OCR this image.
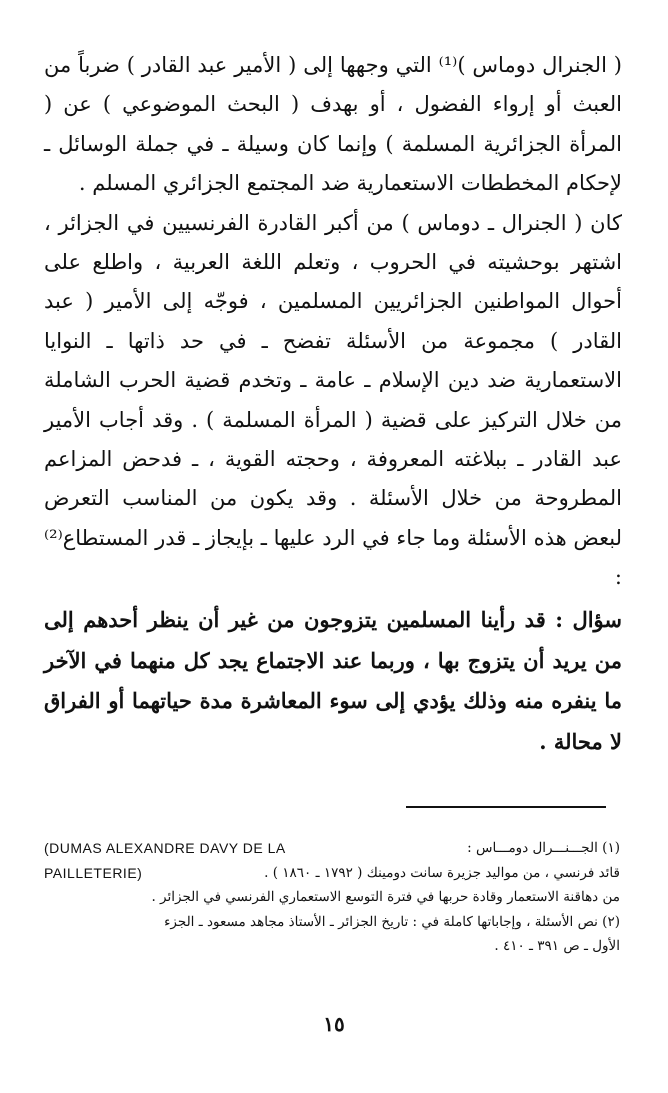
( الجنرال دوماس )⁽¹⁾ التي وجهها إلى ( الأمير عبد القادر ) ضرباً من العبث أو إرواء الفضول ، أو بهدف ( البحث الموضوعي ) عن ( المرأة الجزائرية المسلمة ) وإنما كان وسيلة ـ في جملة الوسائل ـ لإحكام المخططات الاستعمارية ضد المجتمع الجزائري المسلم .

كان ( الجنرال ـ دوماس ) من أكبر القادرة الفرنسيين في الجزائر ، اشتهر بوحشيته في الحروب ، وتعلم اللغة العربية ، واطلع على أحوال المواطنين الجزائريين المسلمين ، فوجّه إلى الأمير ( عبد القادر ) مجموعة من الأسئلة تفضح ـ في حد ذاتها ـ النوايا الاستعمارية ضد دين الإسلام ـ عامة ـ وتخدم قضية الحرب الشاملة من خلال التركيز على قضية ( المرأة المسلمة ) . وقد أجاب الأمير عبد القادر ـ ببلاغته المعروفة ، وحجته القوية ، ـ فدحض المزاعم المطروحة من خلال الأسئلة . وقد يكون من المناسب التعرض لبعض هذه الأسئلة وما جاء في الرد عليها ـ بإيجاز ـ قدر المستطاع⁽²⁾ :

سؤال : قد رأينا المسلمين يتزوجون من غير أن ينظر أحدهم إلى من يريد أن يتزوج بها ، وربما عند الاجتماع يجد كل منهما في الآخر ما ينفره منه وذلك يؤدي إلى سوء المعاشرة مدة حياتهما أو الفراق لا محالة .

(DUMAS ALEXANDRE DAVY DE LA	(١) الجـــنـــرال دومـــاس :
PAILLETERIE)	قائد فرنسي ، من مواليد جزيرة سانت دومينك ( ١٧٩٢ ـ ١٨٦٠ ) .
من دهاقنة الاستعمار وقادة حربها في فترة التوسع الاستعماري الفرنسي في الجزائر .
(٢) نص الأسئلة ، وإجاباتها كاملة في : تاريخ الجزائر ـ الأستاذ مجاهد مسعود ـ الجزء
الأول ـ ص ٣٩١ ـ ٤١٠ .
١٥
